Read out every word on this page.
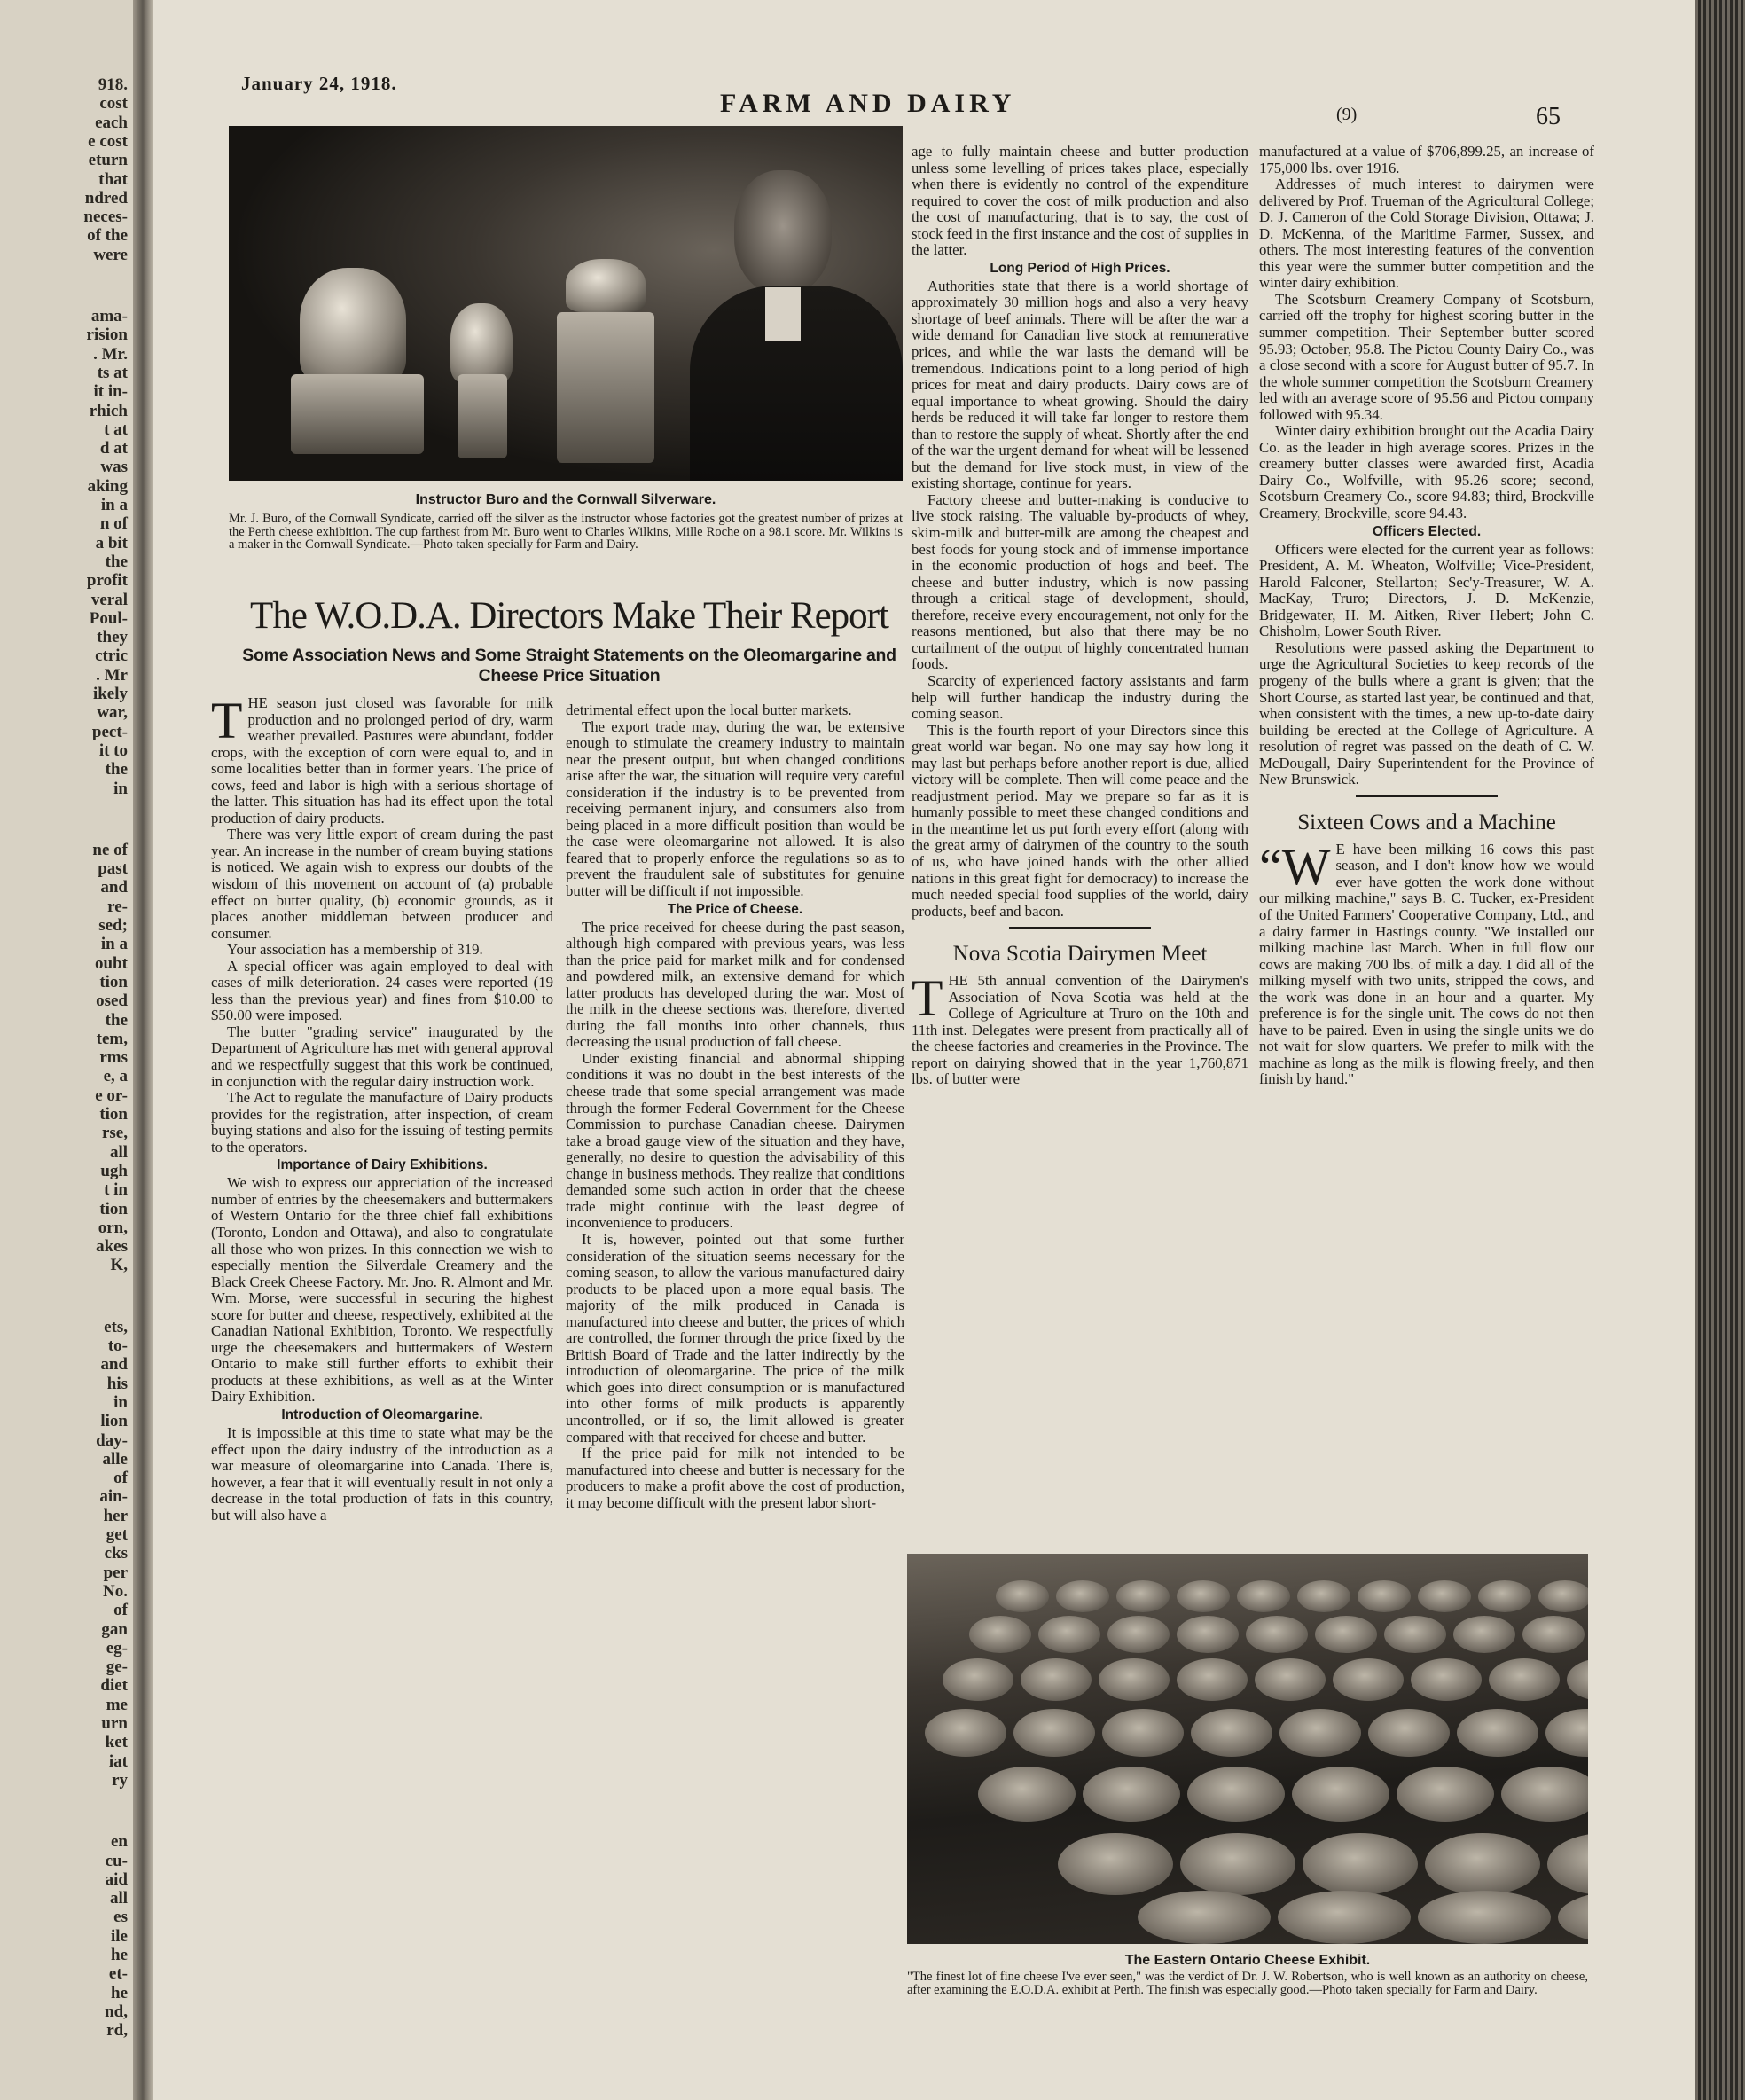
918.
cost
each
e cost
eturn
that
ndred
neces-
of the
were
ama-
rision
. Mr.
ts at
it in-
rhich
t at
d at
was
aking
in a
n of
a bit
the
profit
veral
Poul-
they
ctric
. Mr
ikely
war,
pect-
it to
the
in
ne of
past
and
re-
sed;
in a
oubt
tion
osed
the
tem,
rms
e, a
e or-
tion
rse,
all
ugh
t in
tion
orn,
akes
K,
ets,
to-
and
his
in
lion
day-
alle
of
ain-
her
get
cks
per
No.
of
gan
eg-
ge-
diet
me
urn
ket
iat
ry
en
cu-
aid
all
es
ile
he
et-
he
nd,
rd,
January 24, 1918.
FARM AND DAIRY	(9)	65
Instructor Buro and the Cornwall Silverware.
Mr. J. Buro, of the Cornwall Syndicate, carried off the silver as the instructor whose factories got the greatest number of prizes at the Perth cheese exhibition. The cup farthest from Mr. Buro went to Charles Wilkins, Mille Roche on a 98.1 score. Mr. Wilkins is a maker in the Cornwall Syndicate.—Photo taken specially for Farm and Dairy.
The W.O.D.A. Directors Make Their Report
Some Association News and Some Straight Statements on the Oleomargarine and Cheese Price Situation

THE season just closed was favorable for milk production and no prolonged period of dry, warm weather prevailed. Pastures were abundant, fodder crops, with the exception of corn were equal to, and in some localities better than in former years. The price of cows, feed and labor is high with a serious shortage of the latter. This situation has had its effect upon the total production of dairy products.

There was very little export of cream during the past year. An increase in the number of cream buying stations is noticed. We again wish to express our doubts of the wisdom of this movement on account of (a) probable effect on butter quality, (b) economic grounds, as it places another middleman between producer and consumer.

Your association has a membership of 319.

A special officer was again employed to deal with cases of milk deterioration. 24 cases were reported (19 less than the previous year) and fines from $10.00 to $50.00 were imposed.

The butter "grading service" inaugurated by the Department of Agriculture has met with general approval and we respectfully suggest that this work be continued, in conjunction with the regular dairy instruction work.

The Act to regulate the manufacture of Dairy products provides for the registration, after inspection, of cream buying stations and also for the issuing of testing permits to the operators.

Importance of Dairy Exhibitions.

We wish to express our appreciation of the increased number of entries by the cheesemakers and buttermakers of Western Ontario for the three chief fall exhibitions (Toronto, London and Ottawa), and also to congratulate all those who won prizes. In this connection we wish to especially mention the Silverdale Creamery and the Black Creek Cheese Factory. Mr. Jno. R. Almont and Mr. Wm. Morse, were successful in securing the highest score for butter and cheese, respectively, exhibited at the Canadian National Exhibition, Toronto. We respectfully urge the cheesemakers and buttermakers of Western Ontario to make still further efforts to exhibit their products at these exhibitions, as well as at the Winter Dairy Exhibition.

Introduction of Oleomargarine.

It is impossible at this time to state what may be the effect upon the dairy industry of the introduction as a war measure of oleomargarine into Canada. There is, however, a fear that it will eventually result in not only a decrease in the total production of fats in this country, but will also have a

detrimental effect upon the local butter markets.

The export trade may, during the war, be extensive enough to stimulate the creamery industry to maintain near the present output, but when changed conditions arise after the war, the situation will require very careful consideration if the industry is to be prevented from receiving permanent injury, and consumers also from being placed in a more difficult position than would be the case were oleomargarine not allowed. It is also feared that to properly enforce the regulations so as to prevent the fraudulent sale of substitutes for genuine butter will be difficult if not impossible.

The Price of Cheese.

The price received for cheese during the past season, although high compared with previous years, was less than the price paid for market milk and for condensed and powdered milk, an extensive demand for which latter products has developed during the war. Most of the milk in the cheese sections was, therefore, diverted during the fall months into other channels, thus decreasing the usual production of fall cheese.

Under existing financial and abnormal shipping conditions it was no doubt in the best interests of the cheese trade that some special arrangement was made through the former Federal Government for the Cheese Commission to purchase Canadian cheese. Dairymen take a broad gauge view of the situation and they have, generally, no desire to question the advisability of this change in business methods. They realize that conditions demanded some such action in order that the cheese trade might continue with the least degree of inconvenience to producers.

It is, however, pointed out that some further consideration of the situation seems necessary for the coming season, to allow the various manufactured dairy products to be placed upon a more equal basis. The majority of the milk produced in Canada is manufactured into cheese and butter, the prices of which are controlled, the former through the price fixed by the British Board of Trade and the latter indirectly by the introduction of oleomargarine. The price of the milk which goes into direct consumption or is manufactured into other forms of milk products is apparently uncontrolled, or if so, the limit allowed is greater compared with that received for cheese and butter.

If the price paid for milk not intended to be manufactured into cheese and butter is necessary for the producers to make a profit above the cost of production, it may become difficult with the present labor short-

age to fully maintain cheese and butter production unless some levelling of prices takes place, especially when there is evidently no control of the expenditure required to cover the cost of milk production and also the cost of manufacturing, that is to say, the cost of stock feed in the first instance and the cost of supplies in the latter.

Long Period of High Prices.

Authorities state that there is a world shortage of approximately 30 million hogs and also a very heavy shortage of beef animals. There will be after the war a wide demand for Canadian live stock at remunerative prices, and while the war lasts the demand will be tremendous. Indications point to a long period of high prices for meat and dairy products. Dairy cows are of equal importance to wheat growing. Should the dairy herds be reduced it will take far longer to restore them than to restore the supply of wheat. Shortly after the end of the war the urgent demand for wheat will be lessened but the demand for live stock must, in view of the existing shortage, continue for years.

Factory cheese and butter-making is conducive to live stock raising. The valuable by-products of whey, skim-milk and butter-milk are among the cheapest and best foods for young stock and of immense importance in the economic production of hogs and beef. The cheese and butter industry, which is now passing through a critical stage of development, should, therefore, receive every encouragement, not only for the reasons mentioned, but also that there may be no curtailment of the output of highly concentrated human foods.

Scarcity of experienced factory assistants and farm help will further handicap the industry during the coming season.

This is the fourth report of your Directors since this great world war began. No one may say how long it may last but perhaps before another report is due, allied victory will be complete. Then will come peace and the readjustment period. May we prepare so far as it is humanly possible to meet these changed conditions and in the meantime let us put forth every effort (along with the great army of dairymen of the country to the south of us, who have joined hands with the other allied nations in this great fight for democracy) to increase the much needed special food supplies of the world, dairy products, beef and bacon.

Nova Scotia Dairymen Meet

THE 5th annual convention of the Dairymen's Association of Nova Scotia was held at the College of Agriculture at Truro on the 10th and 11th inst. Delegates were present from practically all of the cheese factories and creameries in the Province. The report on dairying showed that in the year 1,760,871 lbs. of butter were

manufactured at a value of $706,899.25, an increase of 175,000 lbs. over 1916.

Addresses of much interest to dairymen were delivered by Prof. Trueman of the Agricultural College; D. J. Cameron of the Cold Storage Division, Ottawa; J. D. McKenna, of the Maritime Farmer, Sussex, and others. The most interesting features of the convention this year were the summer butter competition and the winter dairy exhibition.

The Scotsburn Creamery Company of Scotsburn, carried off the trophy for highest scoring butter in the summer competition. Their September butter scored 95.93; October, 95.8. The Pictou County Dairy Co., was a close second with a score for August butter of 95.7. In the whole summer competition the Scotsburn Creamery led with an average score of 95.56 and Pictou company followed with 95.34.

Winter dairy exhibition brought out the Acadia Dairy Co. as the leader in high average scores. Prizes in the creamery butter classes were awarded first, Acadia Dairy Co., Wolfville, with 95.26 score; second, Scotsburn Creamery Co., score 94.83; third, Brockville Creamery, Brockville, score 94.43.

Officers Elected.

Officers were elected for the current year as follows: President, A. M. Wheaton, Wolfville; Vice-President, Harold Falconer, Stellarton; Sec'y-Treasurer, W. A. MacKay, Truro; Directors, J. D. McKenzie, Bridgewater, H. M. Aitken, River Hebert; John C. Chisholm, Lower South River.

Resolutions were passed asking the Department to urge the Agricultural Societies to keep records of the progeny of the bulls where a grant is given; that the Short Course, as started last year, be continued and that, when consistent with the times, a new up-to-date dairy building be erected at the College of Agriculture. A resolution of regret was passed on the death of C. W. McDougall, Dairy Superintendent for the Province of New Brunswick.

Sixteen Cows and a Machine

“W E have been milking 16 cows this past season, and I don't know how we would ever have gotten the work done without our milking machine," says B. C. Tucker, ex-President of the United Farmers' Cooperative Company, Ltd., and a dairy farmer in Hastings county. "We installed our milking machine last March. When in full flow our cows are making 700 lbs. of milk a day. I did all of the milking myself with two units, stripped the cows, and the work was done in an hour and a quarter. My preference is for the single unit. The cows do not then have to be paired. Even in using the single units we do not wait for slow quarters. We prefer to milk with the machine as long as the milk is flowing freely, and then finish by hand."

The Eastern Ontario Cheese Exhibit.
"The finest lot of fine cheese I've ever seen," was the verdict of Dr. J. W. Robertson, who is well known as an authority on cheese, after examining the E.O.D.A. exhibit at Perth. The finish was especially good.—Photo taken specially for Farm and Dairy.
